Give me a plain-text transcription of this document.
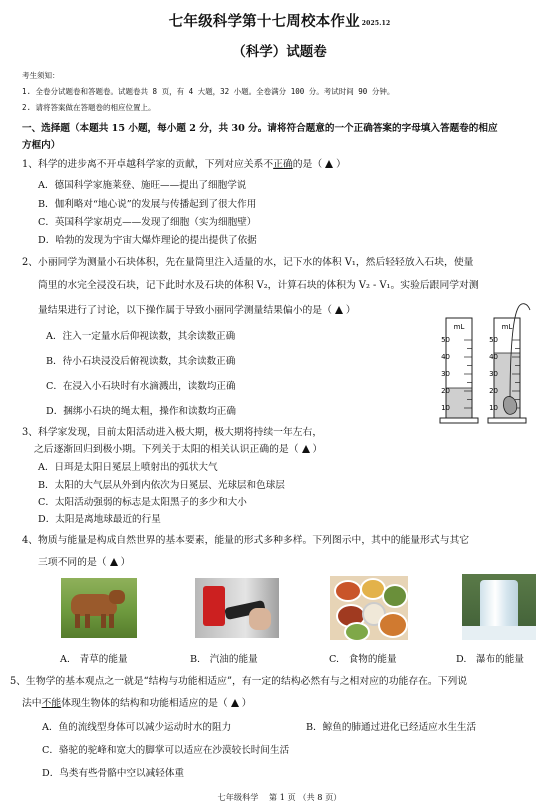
七年级科学第十七周校本作业 2025.12
（科学）试题卷
考生须知：
1. 全卷分试题卷和答题卷。试题卷共 8 页，有 4 大题，32 小题。全卷满分 100 分。考试时间 90 分钟。
2. 请将答案做在答题卷的相应位置上。
一、选择题（本题共 15 小题，每小题 2 分，共 30 分。请将符合题意的一个正确答案的字母填入答题卷的相应
方框内）
1、科学的进步离不开卓越科学家的贡献，下列对应关系不正确的是（ ）
A．德国科学家施莱登、施旺——提出了细胞学说
B．伽利略对“地心说”的发展与传播起到了很大作用
C．英国科学家胡克——发现了细胞（实为细胞壁）
D．哈勃的发现为宇宙大爆炸理论的提出提供了依据
2、小丽同学为测量小石块体积，先在量筒里注入适量的水，记下水的体积 V₁，然后轻轻放入石块，使量
筒里的水完全浸没石块，记下此时水及石块的体积 V₂，计算石块的体积为 V₂ - V₁。实验后跟同学对测
量结果进行了讨论，以下操作属于导致小丽同学测量结果偏小的是（ ）
A．注入一定量水后仰视读数，其余读数正确
B．待小石块浸没后俯视读数，其余读数正确
C．在浸入小石块时有水滴溅出，读数均正确
D．捆绑小石块的绳太粗，操作和读数均正确
mL
50
40
30
20
10
mL
50
40
30
20
10
3、科学家发现，目前太阳活动进入极大期，极大期将持续一年左右，
之后逐渐回归到极小期。下列关于太阳的相关认识正确的是（ ）
A．日珥是太阳日冕层上喷射出的弧状大气
B．太阳的大气层从外到内依次为日冕层、光球层和色球层
C．太阳活动强弱的标志是太阳黑子的多少和大小
D．太阳是离地球最近的行星
4、物质与能量是构成自然世界的基本要素，能量的形式多种多样。下列图示中，其中的能量形式与其它
三项不同的是（ ）
A.　青草的能量	B.　汽油的能量	C.　食物的能量	D.　瀑布的能量
5、生物学的基本观点之一就是“结构与功能相适应”，有一定的结构必然有与之相对应的功能存在。下列说
法中不能体现生物体的结构和功能相适应的是（ ）
A．鱼的流线型身体可以减少运动时水的阻力	B．鲸鱼的肺通过进化已经适应水生生活
C．骆驼的驼峰和宽大的脚掌可以适应在沙漠较长时间生活
D．鸟类有些骨骼中空以减轻体重
七年级科学 第 1 页 （共 8 页）
